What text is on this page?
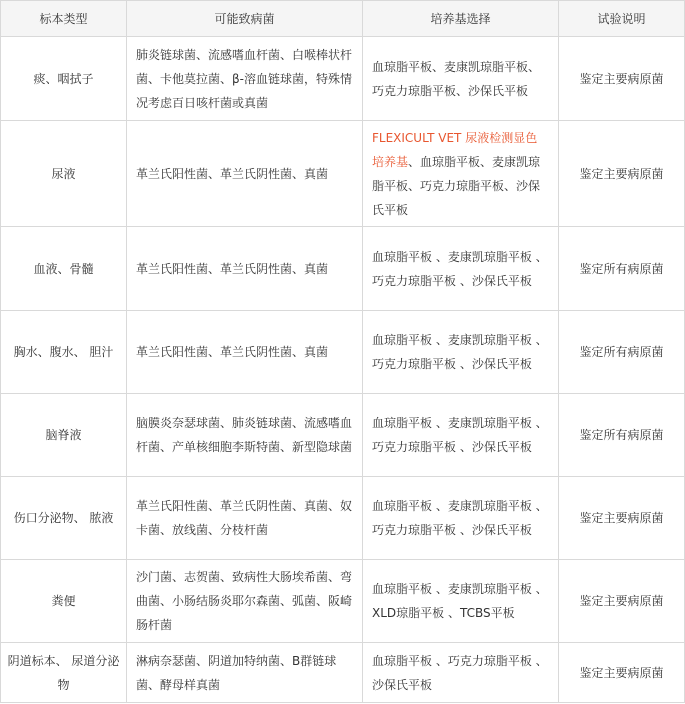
标本类型	可能致病菌	培养基选择	试验说明
痰、咽拭子	肺炎链球菌、流感嗜血杆菌、白喉棒状杆菌、卡他莫拉菌、β-溶血链球菌，特殊情况考虑百日咳杆菌或真菌	血琼脂平板、麦康凯琼脂平板、巧克力琼脂平板、沙保氏平板	鉴定主要病原菌
尿液	革兰氏阳性菌、革兰氏阴性菌、真菌	FLEXICULT VET 尿液检测显色培养基、血琼脂平板、麦康凯琼脂平板、巧克力琼脂平板、沙保氏平板	鉴定主要病原菌
血液、骨髓	革兰氏阳性菌、革兰氏阴性菌、真菌	血琼脂平板 、麦康凯琼脂平板 、巧克力琼脂平板 、沙保氏平板	鉴定所有病原菌
胸水、腹水、 胆汁	革兰氏阳性菌、革兰氏阴性菌、真菌	血琼脂平板 、麦康凯琼脂平板 、巧克力琼脂平板 、沙保氏平板	鉴定所有病原菌
脑脊液	脑膜炎奈瑟球菌、肺炎链球菌、流感嗜血杆菌、产单核细胞李斯特菌、新型隐球菌	血琼脂平板 、麦康凯琼脂平板 、巧克力琼脂平板 、沙保氏平板	鉴定所有病原菌
伤口分泌物、 脓液	革兰氏阳性菌、革兰氏阴性菌、真菌、奴卡菌、放线菌、分枝杆菌	血琼脂平板 、麦康凯琼脂平板 、巧克力琼脂平板 、沙保氏平板	鉴定主要病原菌
粪便	沙门菌、志贺菌、致病性大肠埃希菌、弯曲菌、小肠结肠炎耶尔森菌、弧菌、阪崎肠杆菌	血琼脂平板 、麦康凯琼脂平板 、XLD琼脂平板 、TCBS平板	鉴定主要病原菌
阴道标本、 尿道分泌物	淋病奈瑟菌、阴道加特纳菌、B群链球菌、酵母样真菌	血琼脂平板 、巧克力琼脂平板 、沙保氏平板	鉴定主要病原菌
